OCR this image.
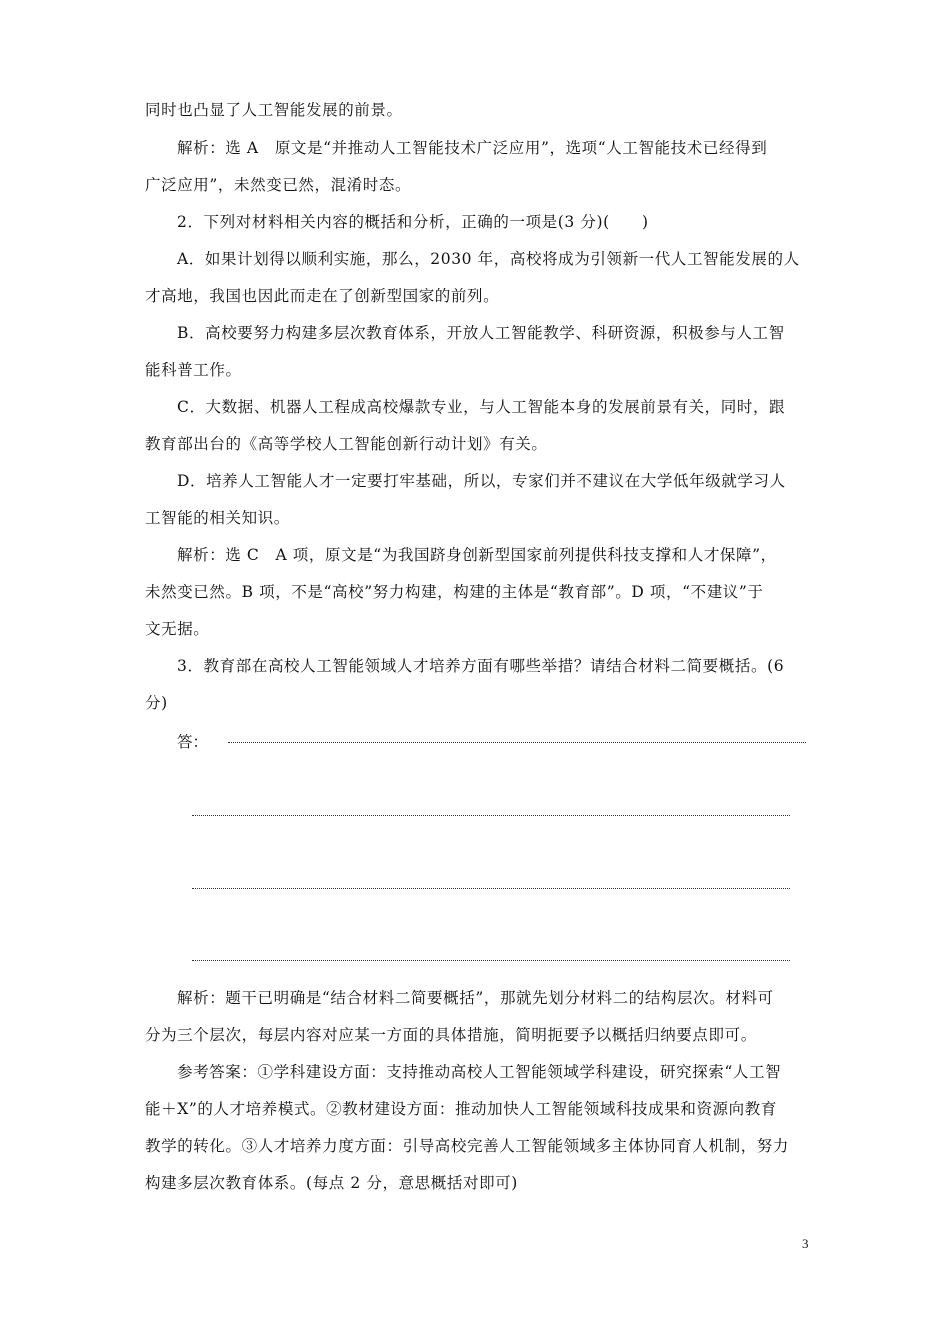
同时也凸显了人工智能发展的前景。
解析：选 A　原文是“并推动人工智能技术广泛应用”，选项“人工智能技术已经得到
广泛应用”，未然变已然，混淆时态。
2．下列对材料相关内容的概括和分析，正确的一项是(3 分)(　　)
A．如果计划得以顺利实施，那么，2030 年，高校将成为引领新一代人工智能发展的人
才高地，我国也因此而走在了创新型国家的前列。
B．高校要努力构建多层次教育体系，开放人工智能教学、科研资源，积极参与人工智
能科普工作。
C．大数据、机器人工程成高校爆款专业，与人工智能本身的发展前景有关，同时，跟
教育部出台的《高等学校人工智能创新行动计划》有关。
D．培养人工智能人才一定要打牢基础，所以，专家们并不建议在大学低年级就学习人
工智能的相关知识。
解析：选 C　A 项，原文是“为我国跻身创新型国家前列提供科技支撑和人才保障”，
未然变已然。B 项，不是“高校”努力构建，构建的主体是“教育部”。D 项，“不建议”于
文无据。
3．教育部在高校人工智能领域人才培养方面有哪些举措？请结合材料二简要概括。(6
分)
答：
解析：题干已明确是“结合材料二简要概括”，那就先划分材料二的结构层次。材料可
分为三个层次，每层内容对应某一方面的具体措施，简明扼要予以概括归纳要点即可。
参考答案：①学科建设方面：支持推动高校人工智能领域学科建设，研究探索“人工智
能＋X”的人才培养模式。②教材建设方面：推动加快人工智能领域科技成果和资源向教育
教学的转化。③人才培养力度方面：引导高校完善人工智能领域多主体协同育人机制，努力
构建多层次教育体系。(每点 2 分，意思概括对即可)
3
